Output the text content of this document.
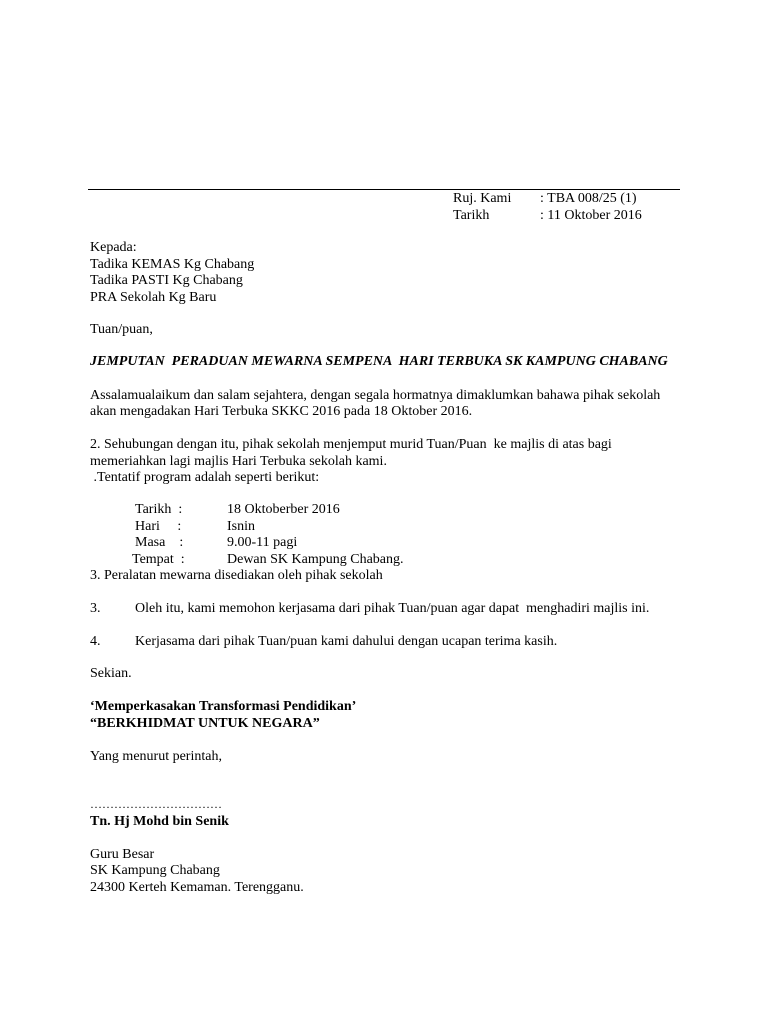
Ruj. Kami : TBA 008/25 (1)
Tarikh	: 11 Oktober 2016
Kepada:
Tadika KEMAS Kg Chabang
Tadika PASTI Kg Chabang
PRA Sekolah Kg Baru
Tuan/puan,
JEMPUTAN  PERADUAN MEWARNA SEMPENA  HARI TERBUKA SK KAMPUNG CHABANG
Assalamualaikum dan salam sejahtera, dengan segala hormatnya dimaklumkan bahawa pihak sekolah
akan mengadakan Hari Terbuka SKKC 2016 pada 18 Oktober 2016.
2. Sehubungan dengan itu, pihak sekolah menjemput murid Tuan/Puan  ke majlis di atas bagi
memeriahkan lagi majlis Hari Terbuka sekolah kami.
.Tentatif program adalah seperti berikut:
Tarikh  :	18 Oktoberber 2016
Hari     :	Isnin
Masa    :	9.00-11 pagi
Tempat  :	Dewan SK Kampung Chabang.
3. Peralatan mewarna disediakan oleh pihak sekolah
3. Oleh itu, kami memohon kerjasama dari pihak Tuan/puan agar dapat  menghadiri majlis ini.
4. Kerjasama dari pihak Tuan/puan kami dahului dengan ucapan terima kasih.
Sekian.
‘Memperkasakan Transformasi Pendidikan’
“BERKHIDMAT UNTUK NEGARA”
Yang menurut perintah,
……………………………
Tn. Hj Mohd bin Senik
Guru Besar
SK Kampung Chabang
24300 Kerteh Kemaman. Terengganu.
